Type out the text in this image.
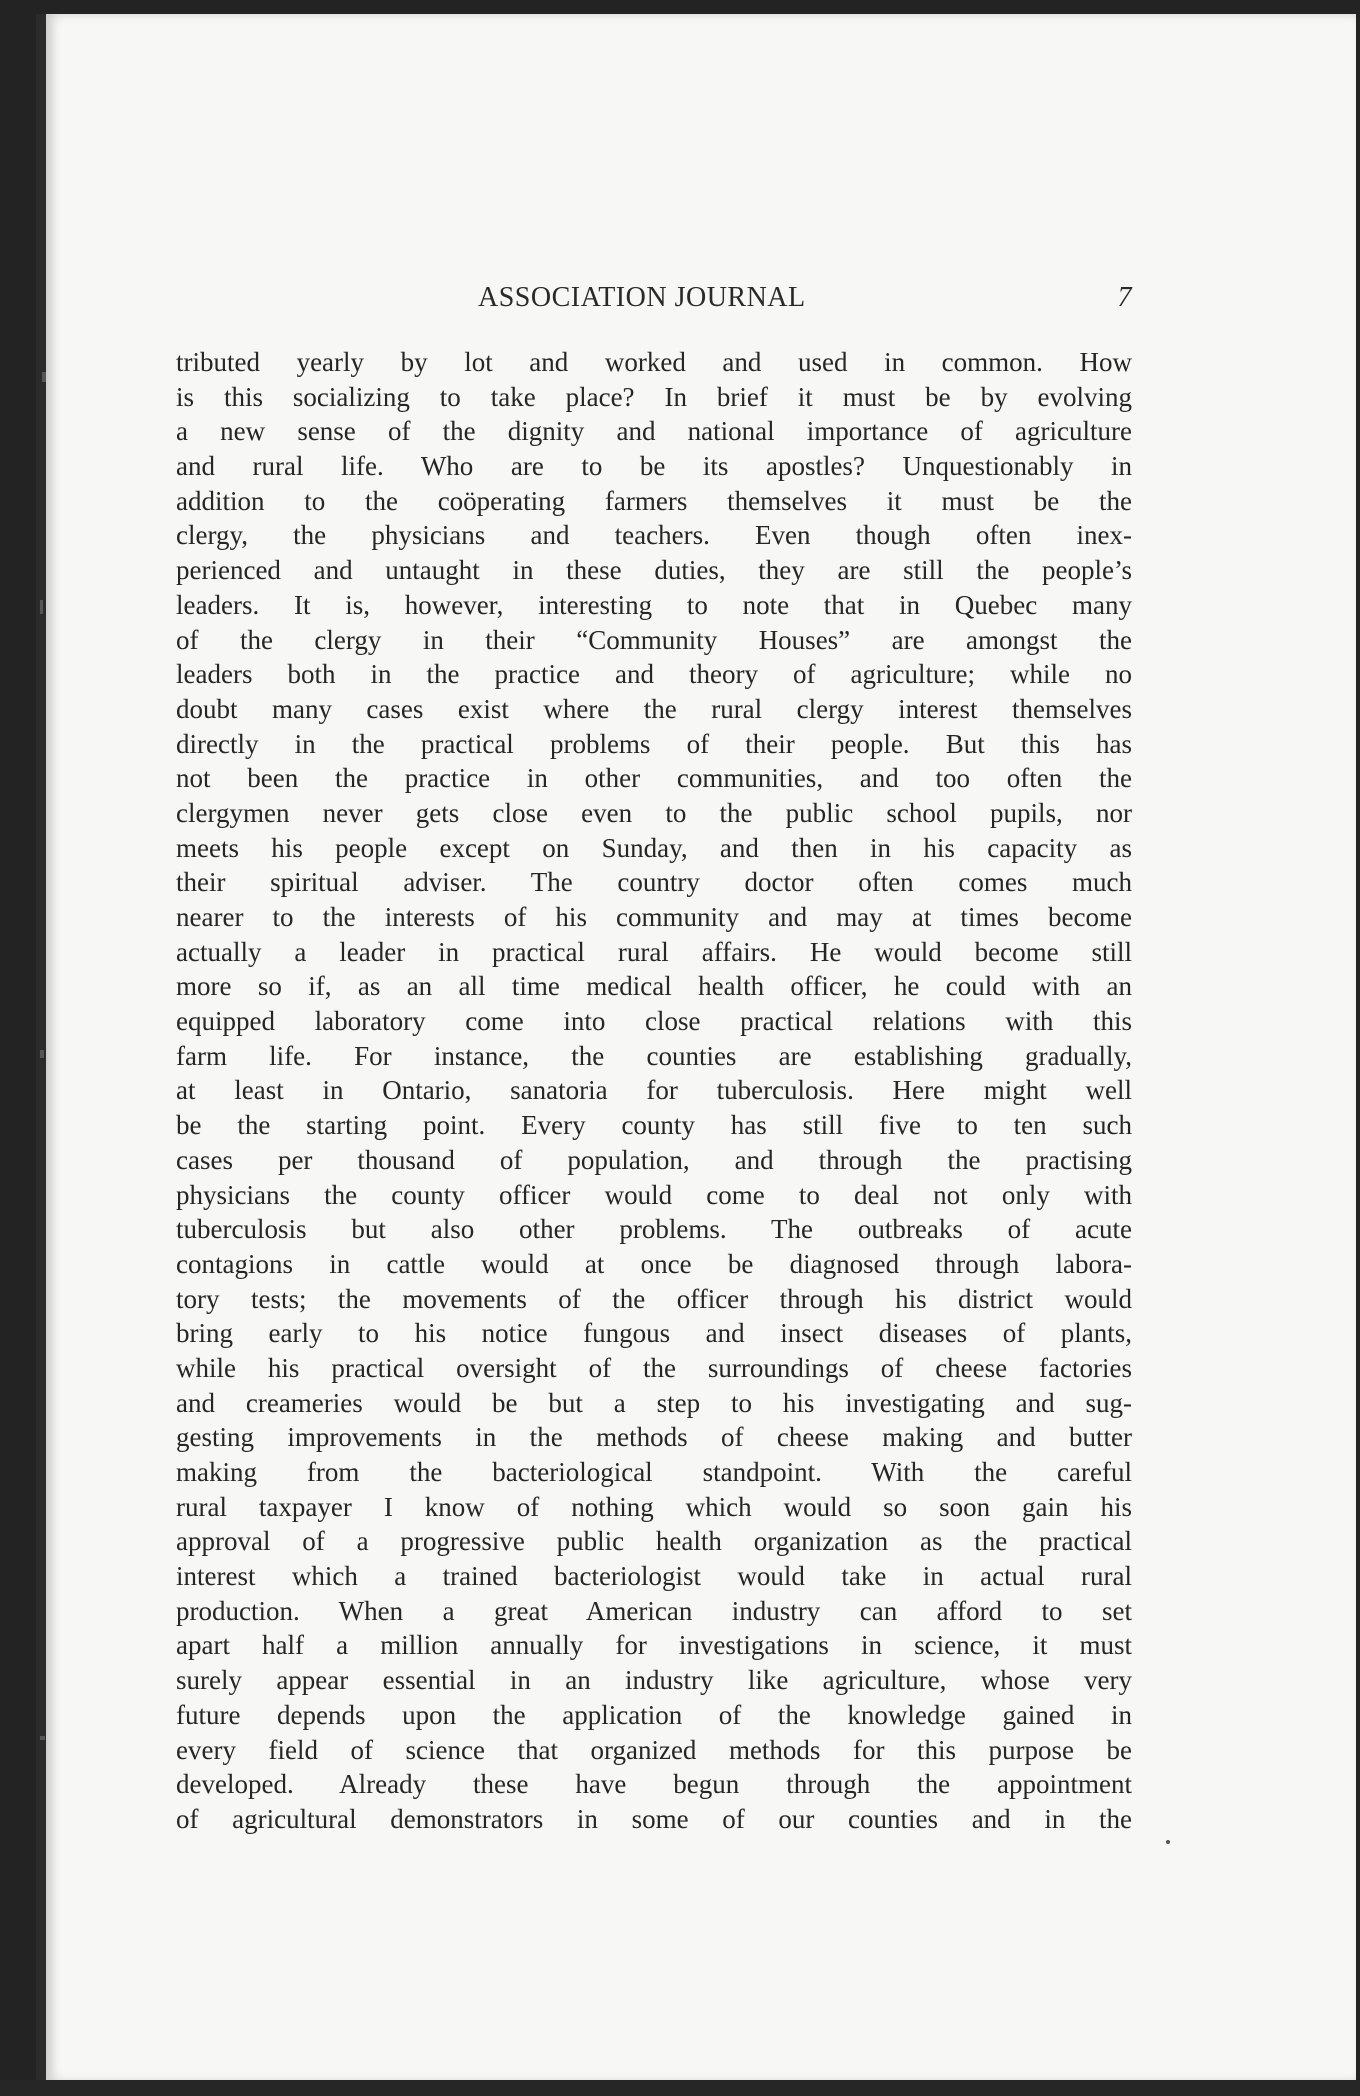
ASSOCIATION JOURNAL	7
tributed yearly by lot and worked and used in common. How
is this socializing to take place? In brief it must be by evolving
a new sense of the dignity and national importance of agriculture
and rural life. Who are to be its apostles? Unquestionably in
addition to the coöperating farmers themselves it must be the
clergy, the physicians and teachers. Even though often inex-
perienced and untaught in these duties, they are still the people’s
leaders. It is, however, interesting to note that in Quebec many
of the clergy in their “Community Houses” are amongst the
leaders both in the practice and theory of agriculture; while no
doubt many cases exist where the rural clergy interest themselves
directly in the practical problems of their people. But this has
not been the practice in other communities, and too often the
clergymen never gets close even to the public school pupils, nor
meets his people except on Sunday, and then in his capacity as
their spiritual adviser. The country doctor often comes much
nearer to the interests of his community and may at times become
actually a leader in practical rural affairs. He would become still
more so if, as an all time medical health officer, he could with an
equipped laboratory come into close practical relations with this
farm life. For instance, the counties are establishing gradually,
at least in Ontario, sanatoria for tuberculosis. Here might well
be the starting point. Every county has still five to ten such
cases per thousand of population, and through the practising
physicians the county officer would come to deal not only with
tuberculosis but also other problems. The outbreaks of acute
contagions in cattle would at once be diagnosed through labora-
tory tests; the movements of the officer through his district would
bring early to his notice fungous and insect diseases of plants,
while his practical oversight of the surroundings of cheese factories
and creameries would be but a step to his investigating and sug-
gesting improvements in the methods of cheese making and butter
making from the bacteriological standpoint. With the careful
rural taxpayer I know of nothing which would so soon gain his
approval of a progressive public health organization as the practical
interest which a trained bacteriologist would take in actual rural
production. When a great American industry can afford to set
apart half a million annually for investigations in science, it must
surely appear essential in an industry like agriculture, whose very
future depends upon the application of the knowledge gained in
every field of science that organized methods for this purpose be
developed. Already these have begun through the appointment
of agricultural demonstrators in some of our counties and in the
